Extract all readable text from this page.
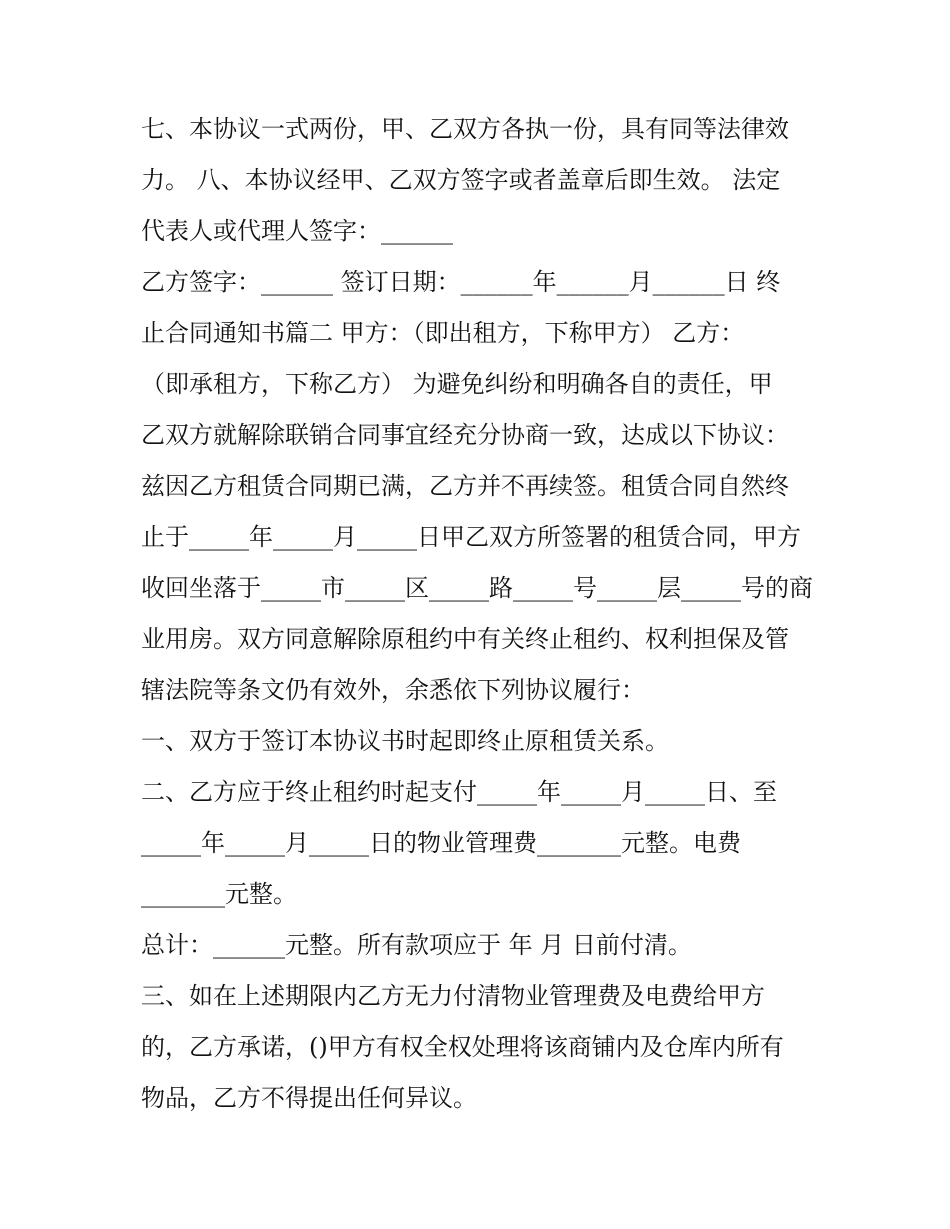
七、本协议一式两份，甲、乙双方各执一份，具有同等法律效
力。 八、本协议经甲、乙双方签字或者盖章后即生效。 法定
代表人或代理人签字：______
乙方签字：______ 签订日期：______年______月______日 终
止合同通知书篇二 甲方：（即出租方，下称甲方） 乙方：
（即承租方，下称乙方） 为避免纠纷和明确各自的责任，甲
乙双方就解除联销合同事宜经充分协商一致，达成以下协议：
兹因乙方租赁合同期已满，乙方并不再续签。租赁合同自然终
止于_____年_____月_____日甲乙双方所签署的租赁合同，甲方
收回坐落于_____市_____区_____路_____号_____层_____号的商
业用房。双方同意解除原租约中有关终止租约、权利担保及管
辖法院等条文仍有效外，余悉依下列协议履行：
一、双方于签订本协议书时起即终止原租赁关系。
二、乙方应于终止租约时起支付_____年_____月_____日、至
_____年_____月_____日的物业管理费_______元整。电费
_______元整。
总计：______元整。所有款项应于 年 月 日前付清。
三、如在上述期限内乙方无力付清物业管理费及电费给甲方
的，乙方承诺，()甲方有权全权处理将该商铺内及仓库内所有
物品，乙方不得提出任何异议。
